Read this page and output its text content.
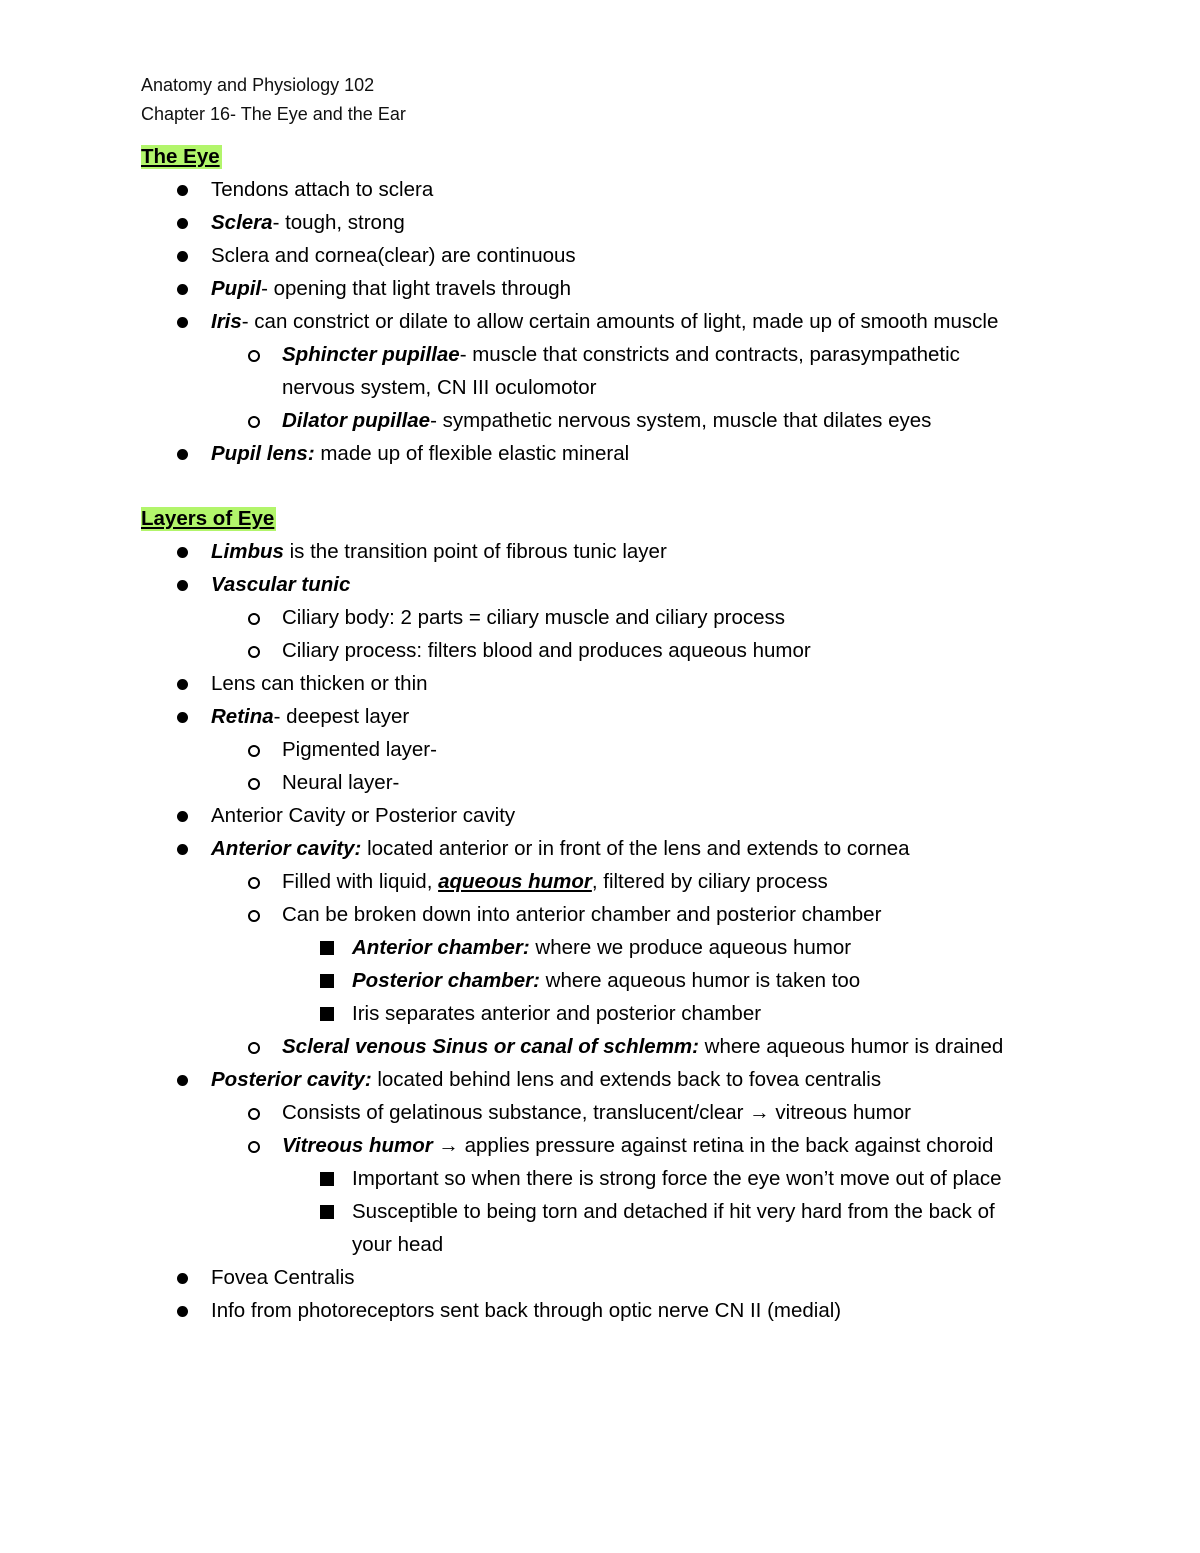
Anatomy and Physiology 102
Chapter 16- The Eye and the Ear
The Eye
Tendons attach to sclera
Sclera- tough, strong
Sclera and cornea(clear) are continuous
Pupil- opening that light travels through
Iris- can constrict or dilate to allow certain amounts of light, made up of smooth muscle
Sphincter pupillae- muscle that constricts and contracts, parasympathetic
nervous system, CN III oculomotor
Dilator pupillae- sympathetic nervous system, muscle that dilates eyes
Pupil lens: made up of flexible elastic mineral
Layers of Eye
Limbus is the transition point of fibrous tunic layer
Vascular tunic
Ciliary body: 2 parts = ciliary muscle and ciliary process
Ciliary process: filters blood and produces aqueous humor
Lens can thicken or thin
Retina- deepest layer
Pigmented layer-
Neural layer-
Anterior Cavity or Posterior cavity
Anterior cavity: located anterior or in front of the lens and extends to cornea
Filled with liquid, aqueous humor, filtered by ciliary process
Can be broken down into anterior chamber and posterior chamber
Anterior chamber: where we produce aqueous humor
Posterior chamber: where aqueous humor is taken too
Iris separates anterior and posterior chamber
Scleral venous Sinus or canal of schlemm: where aqueous humor is drained
Posterior cavity: located behind lens and extends back to fovea centralis
Consists of gelatinous substance, translucent/clear → vitreous humor
Vitreous humor → applies pressure against retina in the back against choroid
Important so when there is strong force the eye won’t move out of place
Susceptible to being torn and detached if hit very hard from the back of
your head
Fovea Centralis
Info from photoreceptors sent back through optic nerve CN II (medial)
